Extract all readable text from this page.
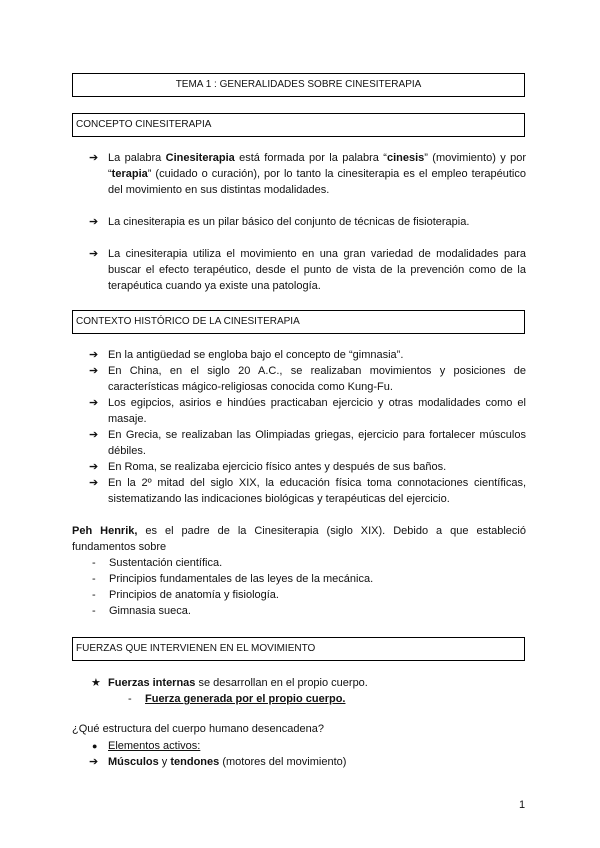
TEMA 1 : GENERALIDADES SOBRE CINESITERAPIA
CONCEPTO CINESITERAPIA
➔ La palabra Cinesiterapia está formada por la palabra “cinesis” (movimiento) y por “terapia” (cuidado o curación), por lo tanto la cinesiterapia es el empleo terapéutico del movimiento en sus distintas modalidades.

➔ La cinesiterapia es un pilar básico del conjunto de técnicas de fisioterapia.

➔ La cinesiterapia utiliza el movimiento en una gran variedad de modalidades para buscar el efecto terapéutico, desde el punto de vista de la prevención como de la terapéutica cuando ya existe una patología.

CONTEXTO HISTÓRICO DE LA CINESITERAPIA
➔ En la antigüedad se engloba bajo el concepto de “gimnasia”.

➔ En China, en el siglo 20 A.C., se realizaban movimientos y posiciones de características mágico-religiosas conocida como Kung-Fu.

➔ Los egipcios, asirios e hindúes practicaban ejercicio y otras modalidades como el masaje.

➔ En Grecia, se realizaban las Olimpiadas griegas, ejercicio para fortalecer músculos débiles.

➔ En Roma, se realizaba ejercicio físico antes y después de sus baños.

➔ En la 2º mitad del siglo XIX, la educación física toma connotaciones científicas, sistematizando las indicaciones biológicas y terapéuticas del ejercicio.

Peh Henrik, es el padre de la Cinesiterapia (siglo XIX). Debido a que estableció fundamentos sobre

- Sustentación científica.
- Principios fundamentales de las leyes de la mecánica.
- Principios de anatomía y fisiología.
- Gimnasia sueca.
FUERZAS QUE INTERVIENEN EN EL MOVIMIENTO
★ Fuerzas internas se desarrollan en el propio cuerpo.
- Fuerza generada por el propio cuerpo.
¿Qué estructura del cuerpo humano desencadena?
● Elementos activos:
➔ Músculos y tendones (motores del movimiento)
1
